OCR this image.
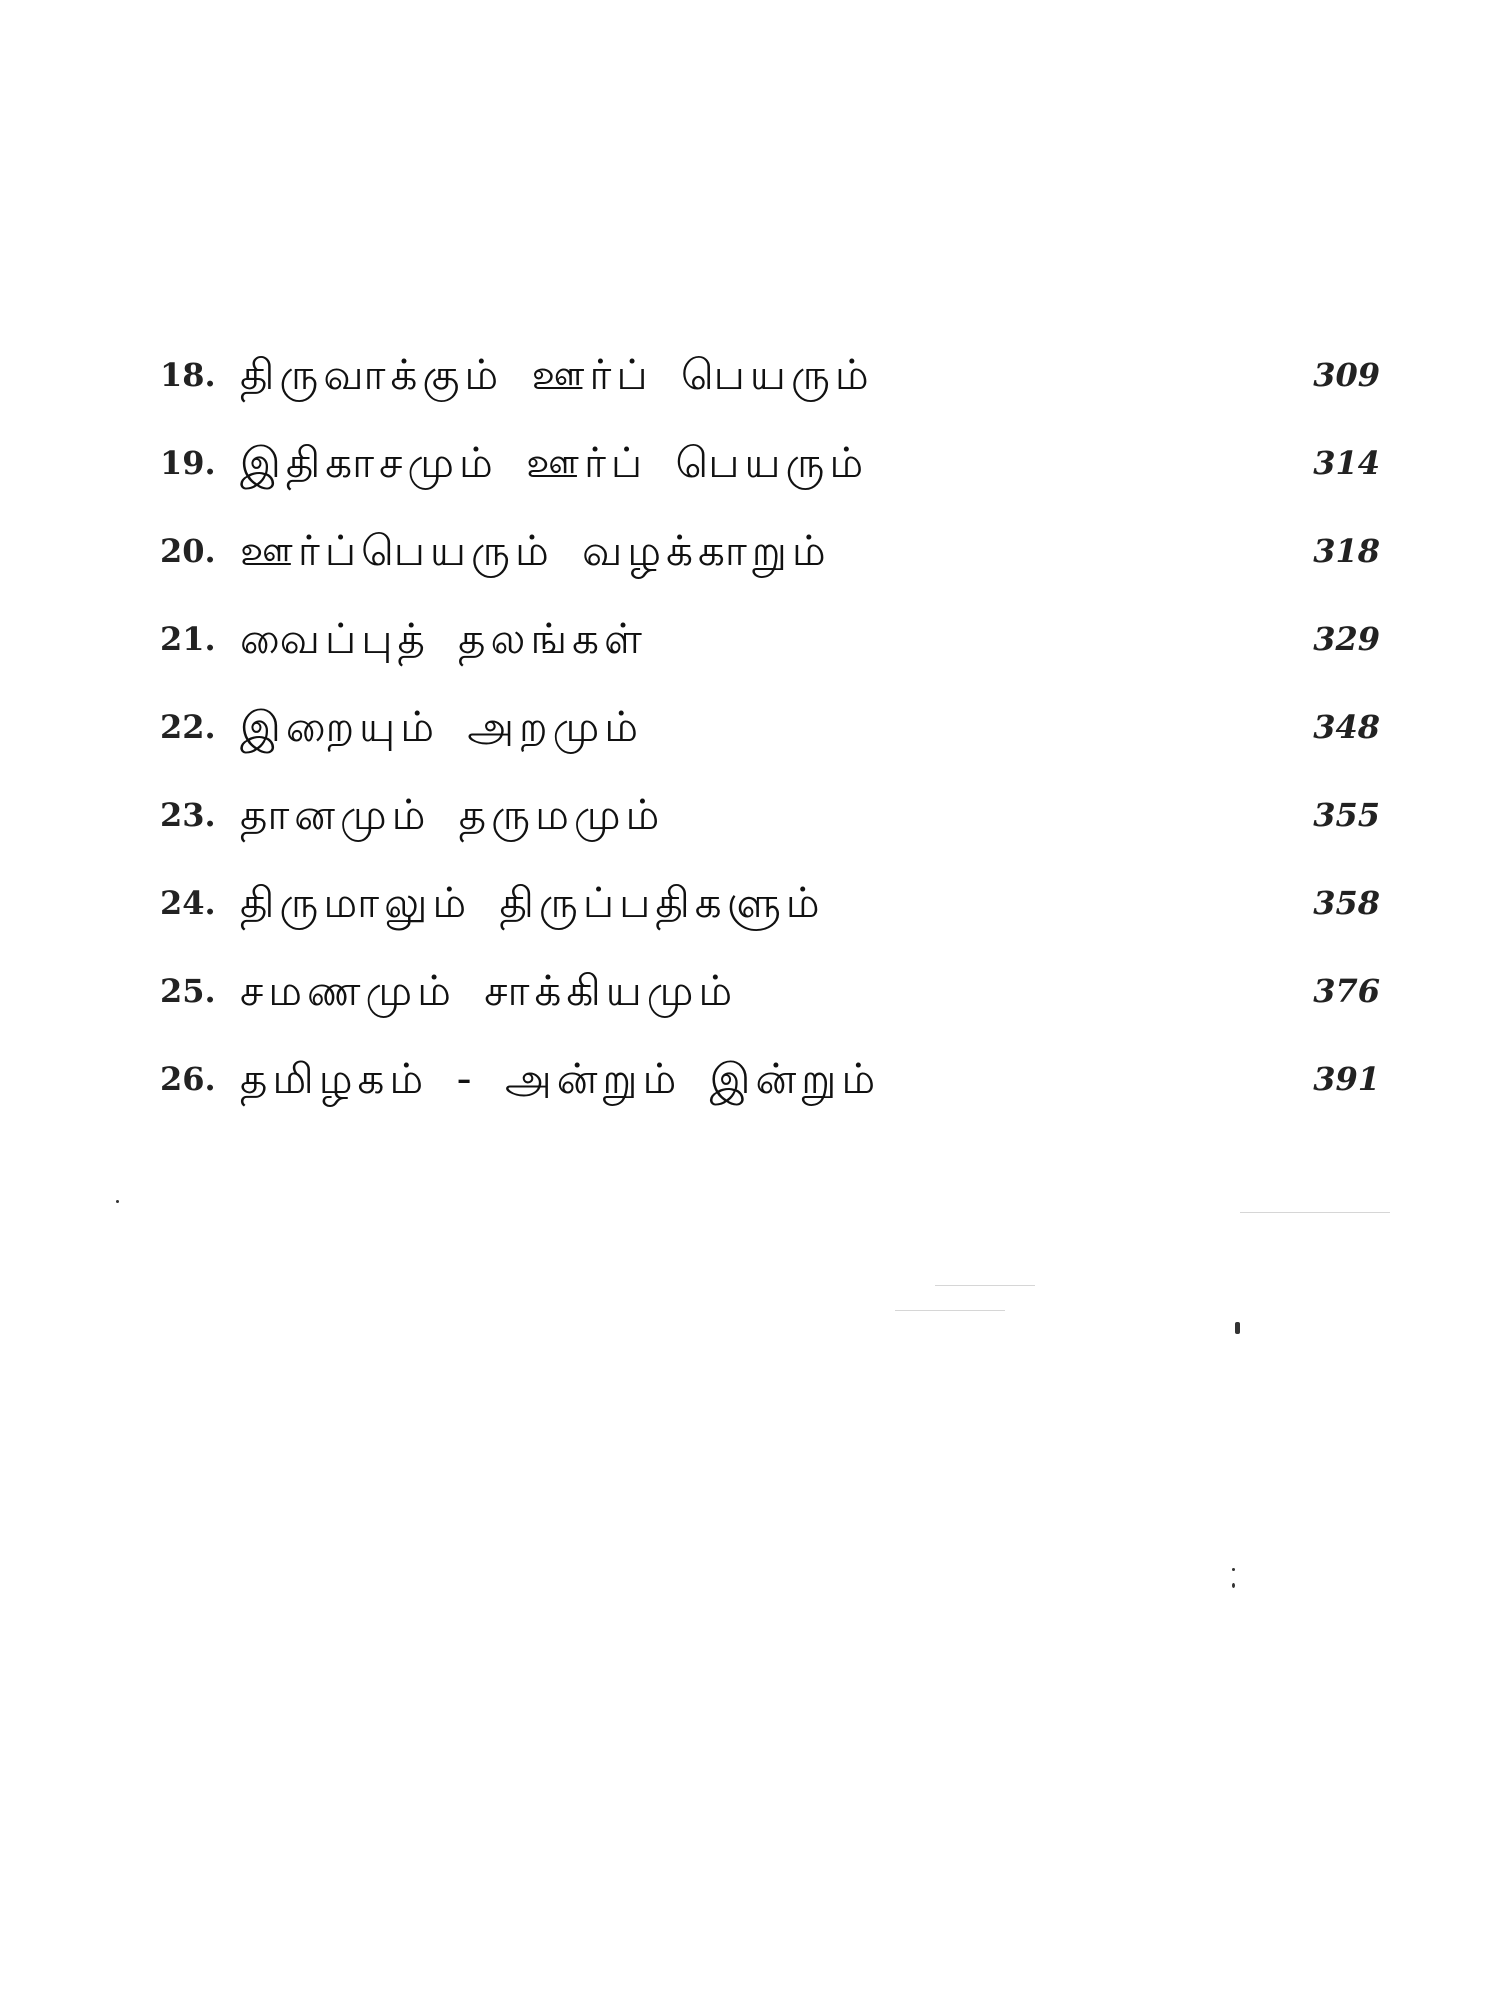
18. திருவாக்கும் ஊர்ப் பெயரும்	309
19. இதிகாசமும் ஊர்ப் பெயரும்	314
20. ஊர்ப்பெயரும் வழக்காறும்	318
21. வைப்புத் தலங்கள்	329
22. இறையும் அறமும்	348
23. தானமும் தருமமும்	355
24. திருமாலும் திருப்பதிகளும்	358
25. சமணமும் சாக்கியமும்	376
26. தமிழகம் - அன்றும் இன்றும்	391
